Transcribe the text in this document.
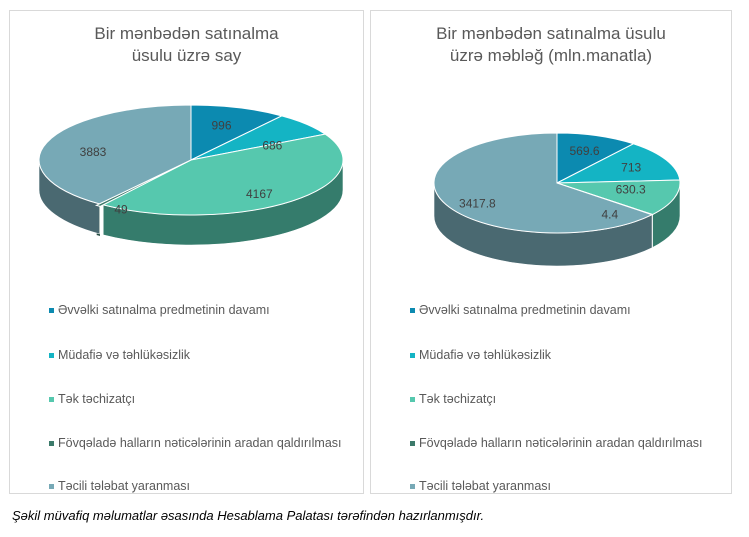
Bir mənbədən satınalma
üsulu üzrə say
996
686
4167
49
3883
Əvvəlki satınalma predmetinin davamı
Müdafiə və təhlükəsizlik
Tək təchizatçı
Fövqəladə halların nəticələrinin aradan qaldırılması
Təcili tələbat yaranması
Bir mənbədən satınalma üsulu
üzrə məbləğ (mln.manatla)
569.6
713
630.3
4.4
3417.8
Əvvəlki satınalma predmetinin davamı
Müdafiə və təhlükəsizlik
Tək təchizatçı
Fövqəladə halların nəticələrinin aradan qaldırılması
Təcili tələbat yaranması
Şəkil müvafiq məlumatlar əsasında Hesablama Palatası tərəfindən hazırlanmışdır.
